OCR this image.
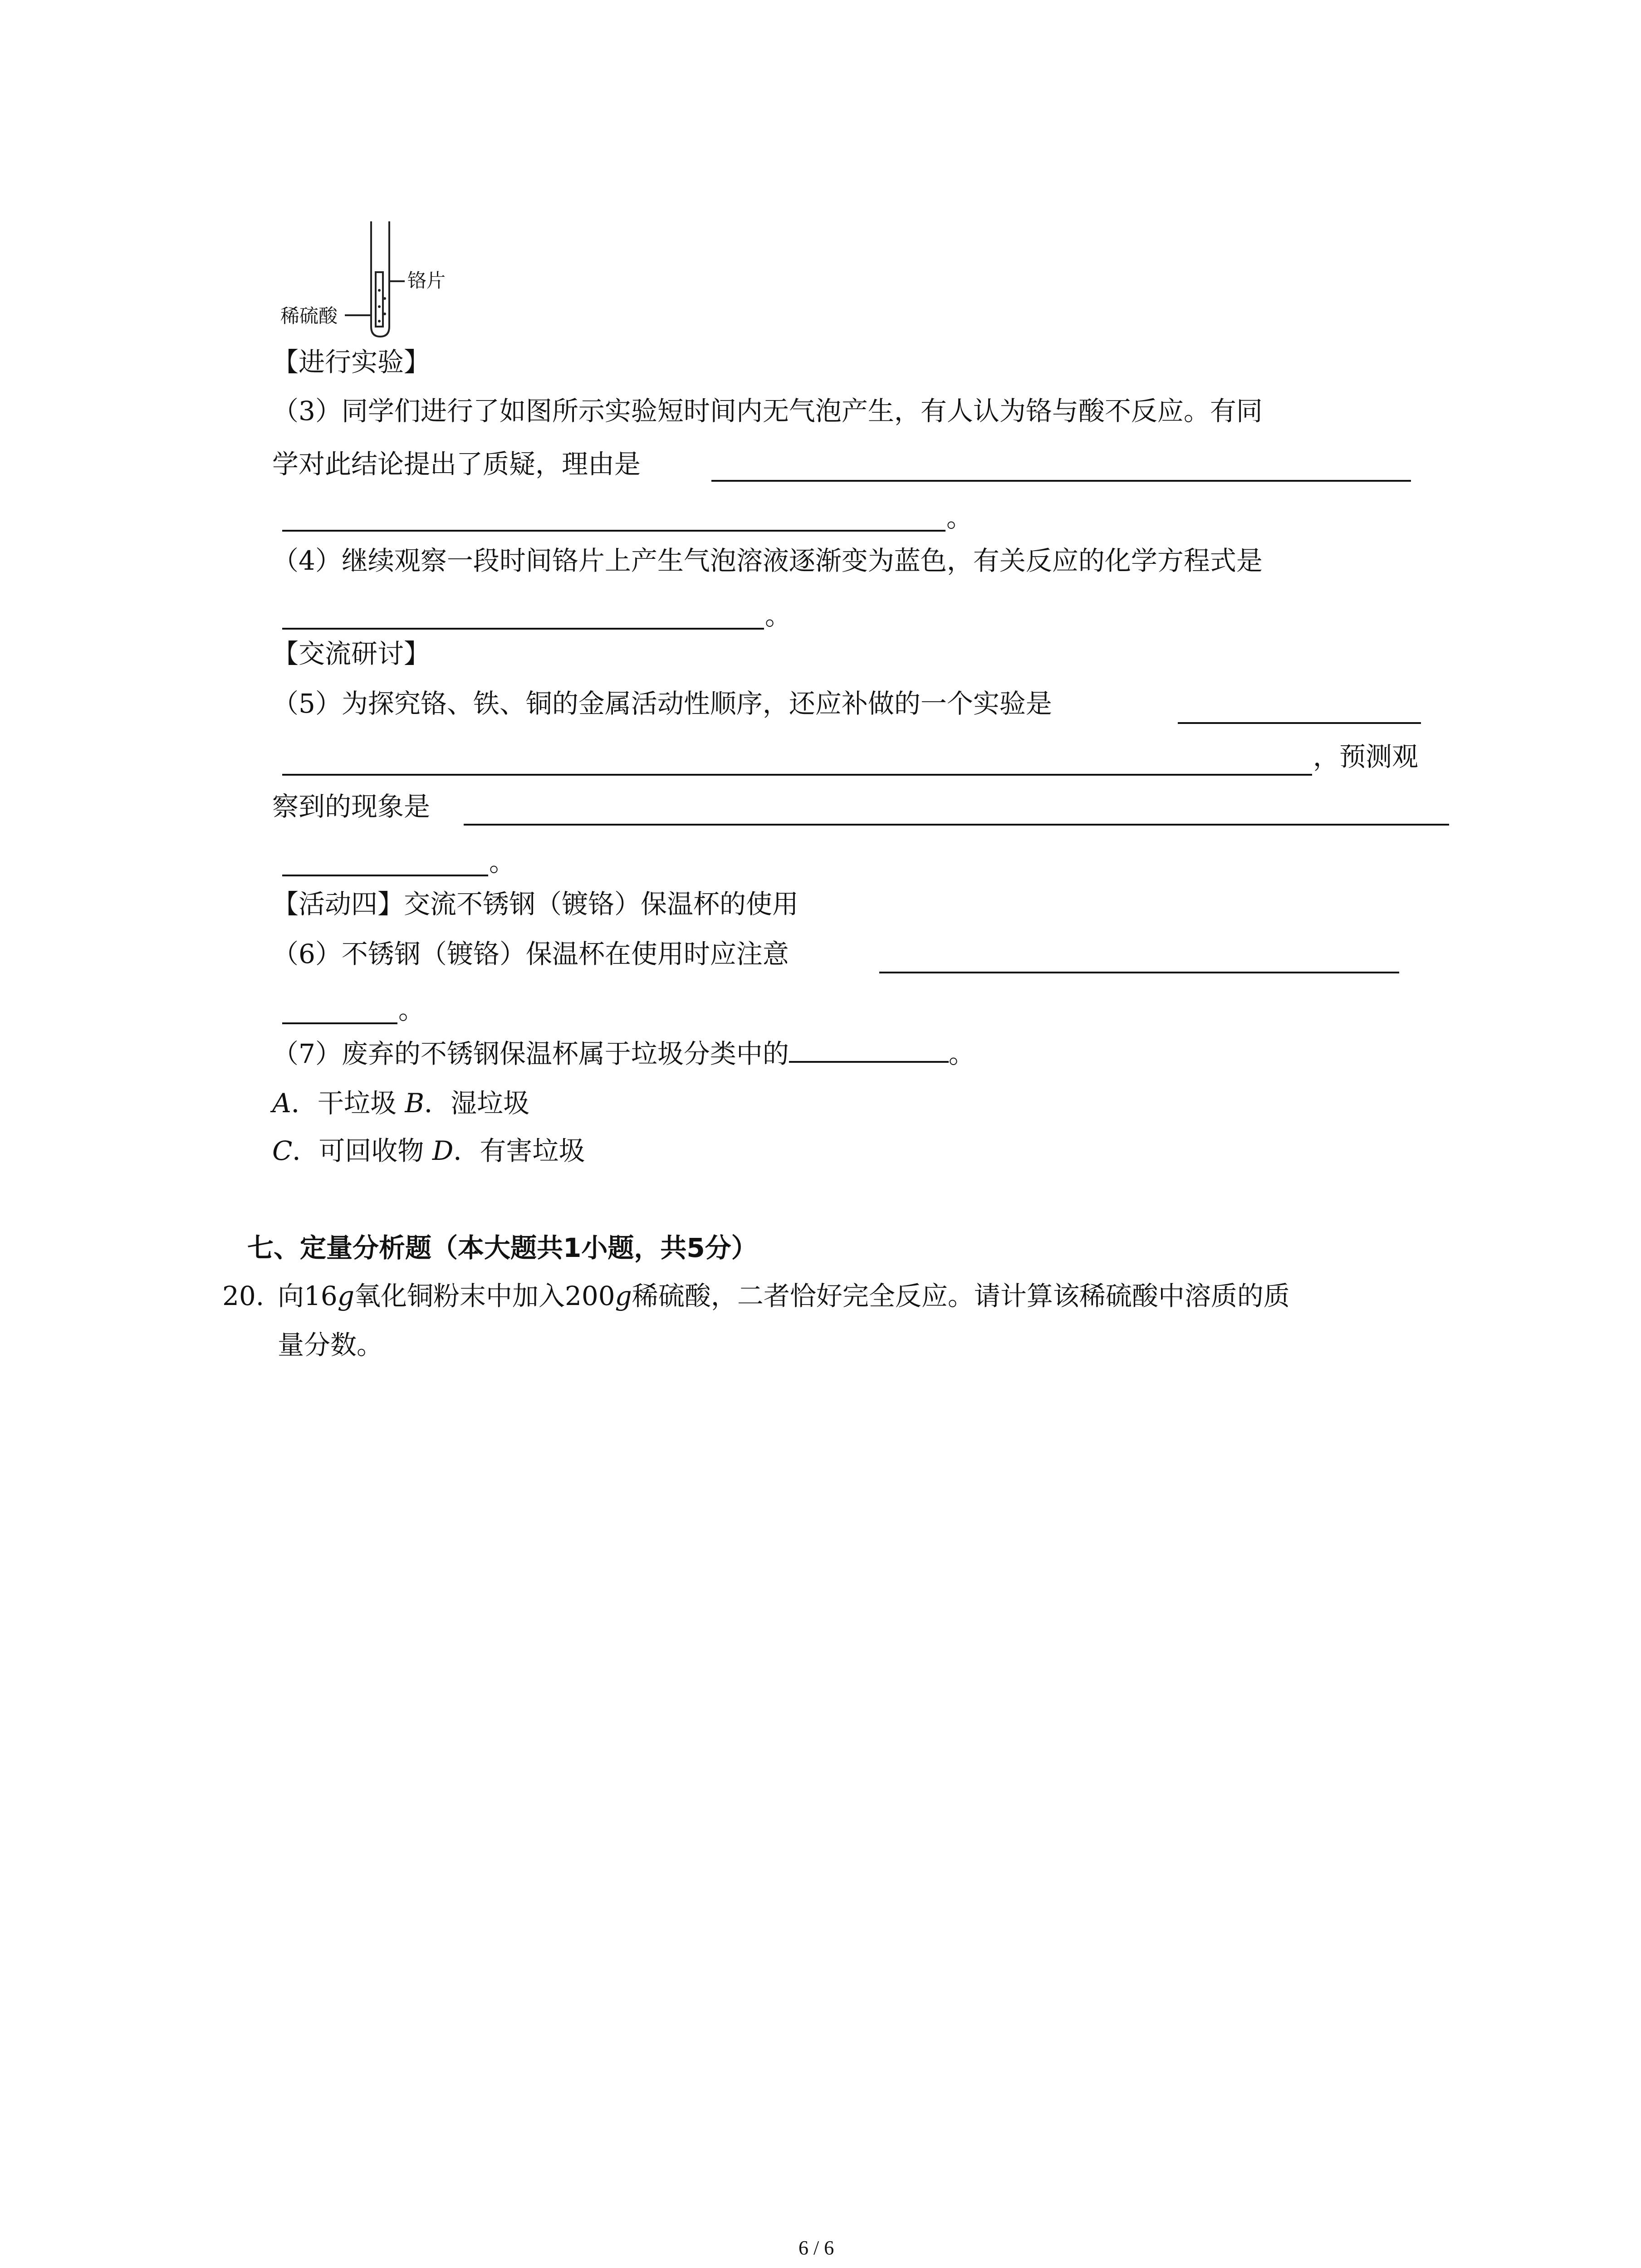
铬片
稀硫酸
【进行实验】
（3）同学们进行了如图所示实验短时间内无气泡产生，有人认为铬与酸不反应。有同
学对此结论提出了质疑，理由是
。
（4）继续观察一段时间铬片上产生气泡溶液逐渐变为蓝色，有关反应的化学方程式是
。
【交流研讨】
（5）为探究铬、铁、铜的金属活动性顺序，还应补做的一个实验是
，预测观
察到的现象是
。
【活动四】交流不锈钢（镀铬）保温杯的使用
（6）不锈钢（镀铬）保温杯在使用时应注意
。
（7）废弃的不锈钢保温杯属于垃圾分类中的	。
A．干垃圾 B．湿垃圾
C．可回收物 D．有害垃圾
七、定量分析题（本大题共1小题，共5分）
20. 向16g氧化铜粉末中加入200g稀硫酸，二者恰好完全反应。请计算该稀硫酸中溶质的质
量分数。
6 / 6
